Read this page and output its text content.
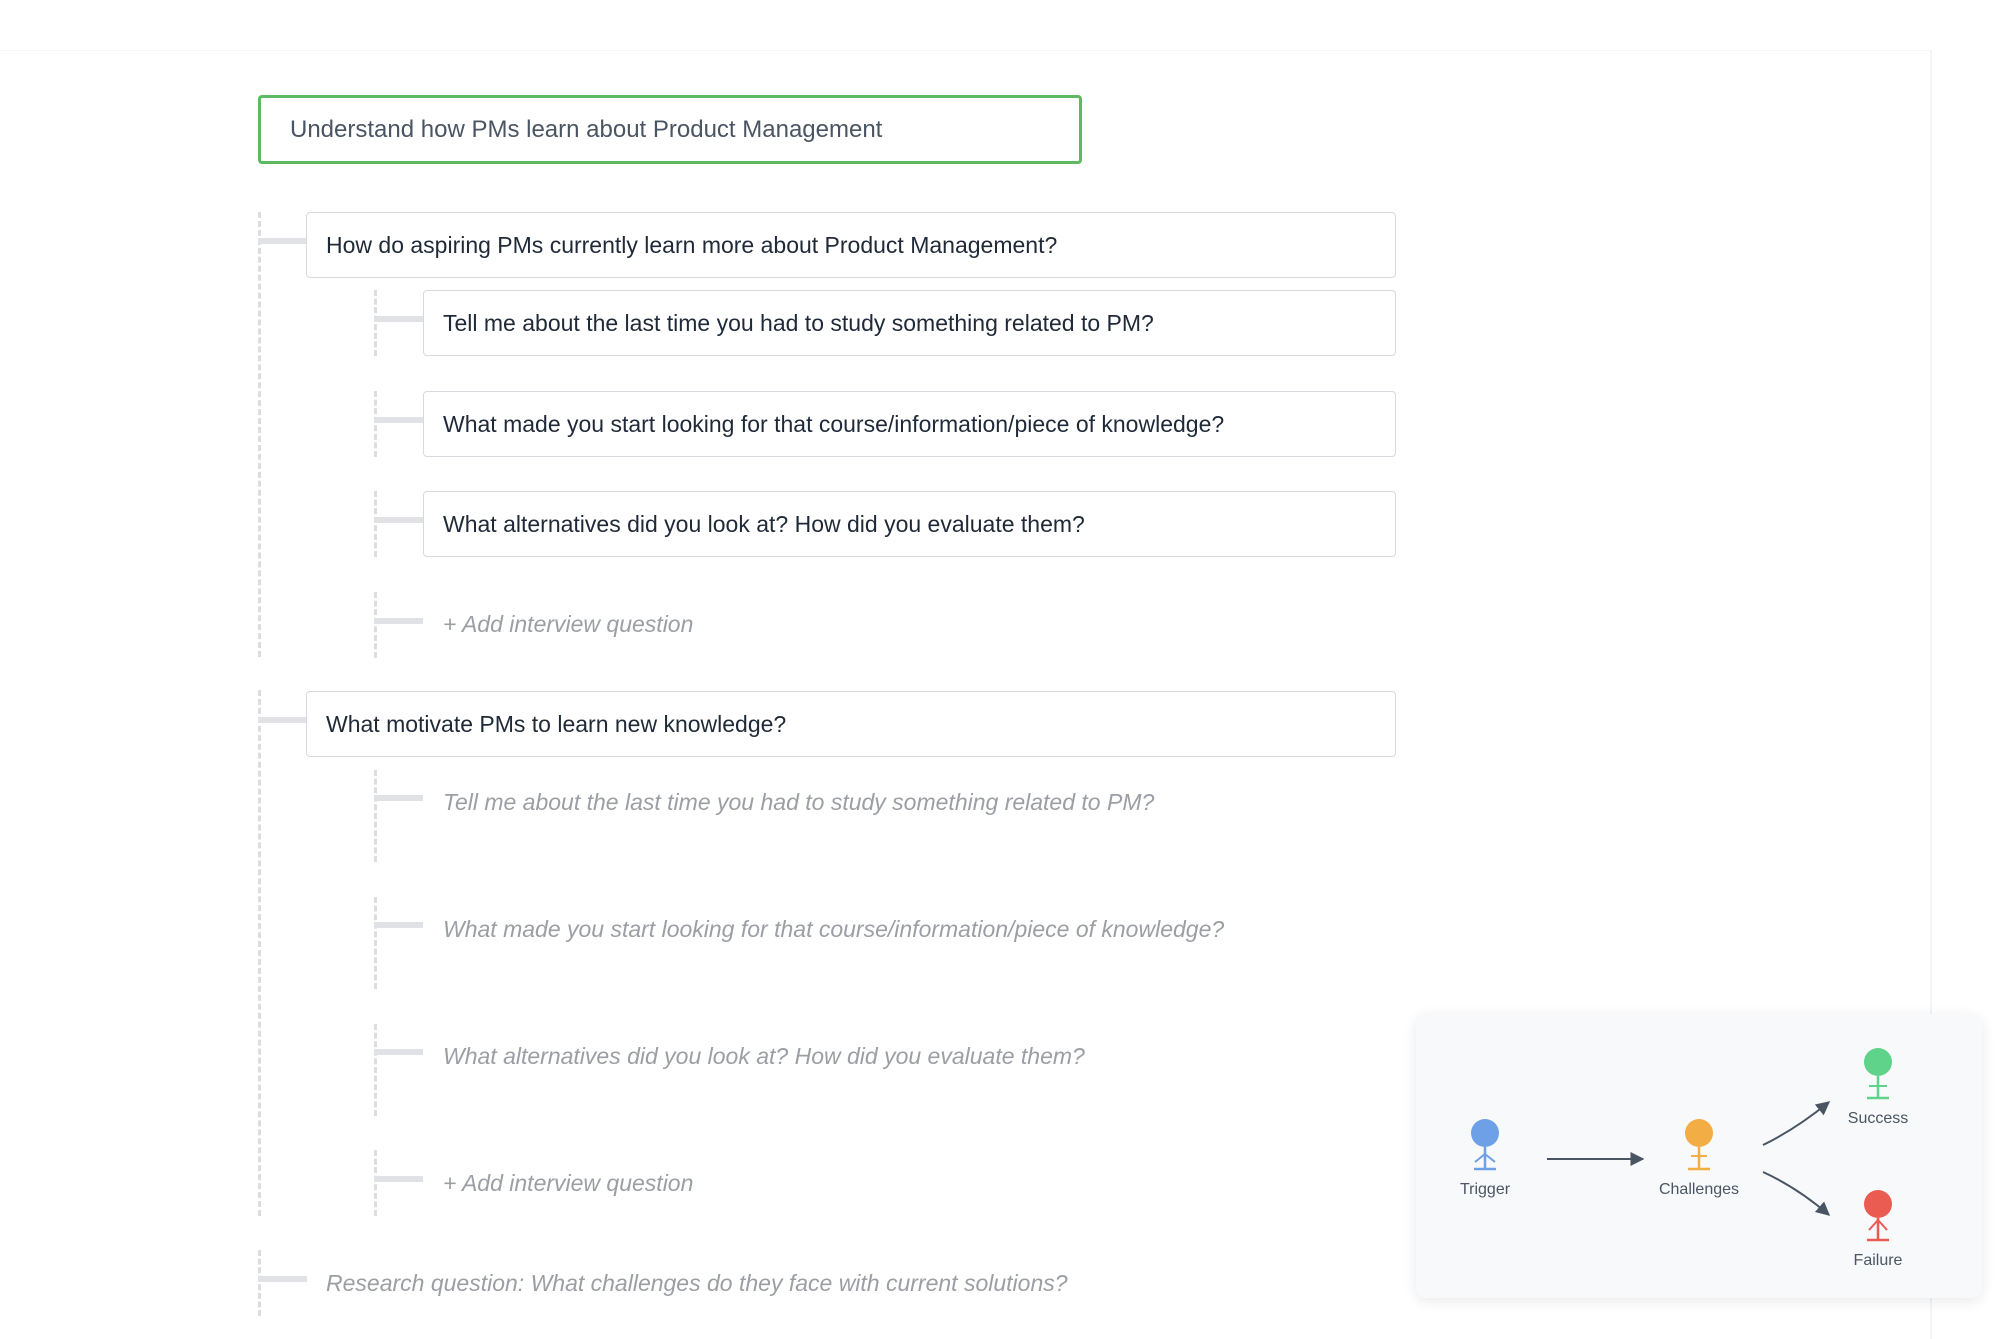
Understand how PMs learn about Product Management
How do aspiring PMs currently learn more about Product Management?
Tell me about the last time you had to study something related to PM?
What made you start looking for that course/information/piece of knowledge?
What alternatives did you look at? How did you evaluate them?
+ Add interview question
What motivate PMs to learn new knowledge?
Tell me about the last time you had to study something related to PM?
What made you start looking for that course/information/piece of knowledge?
What alternatives did you look at? How did you evaluate them?
+ Add interview question
Research question: What challenges do they face with current solutions?
Trigger	Challenges
Success
Failure
